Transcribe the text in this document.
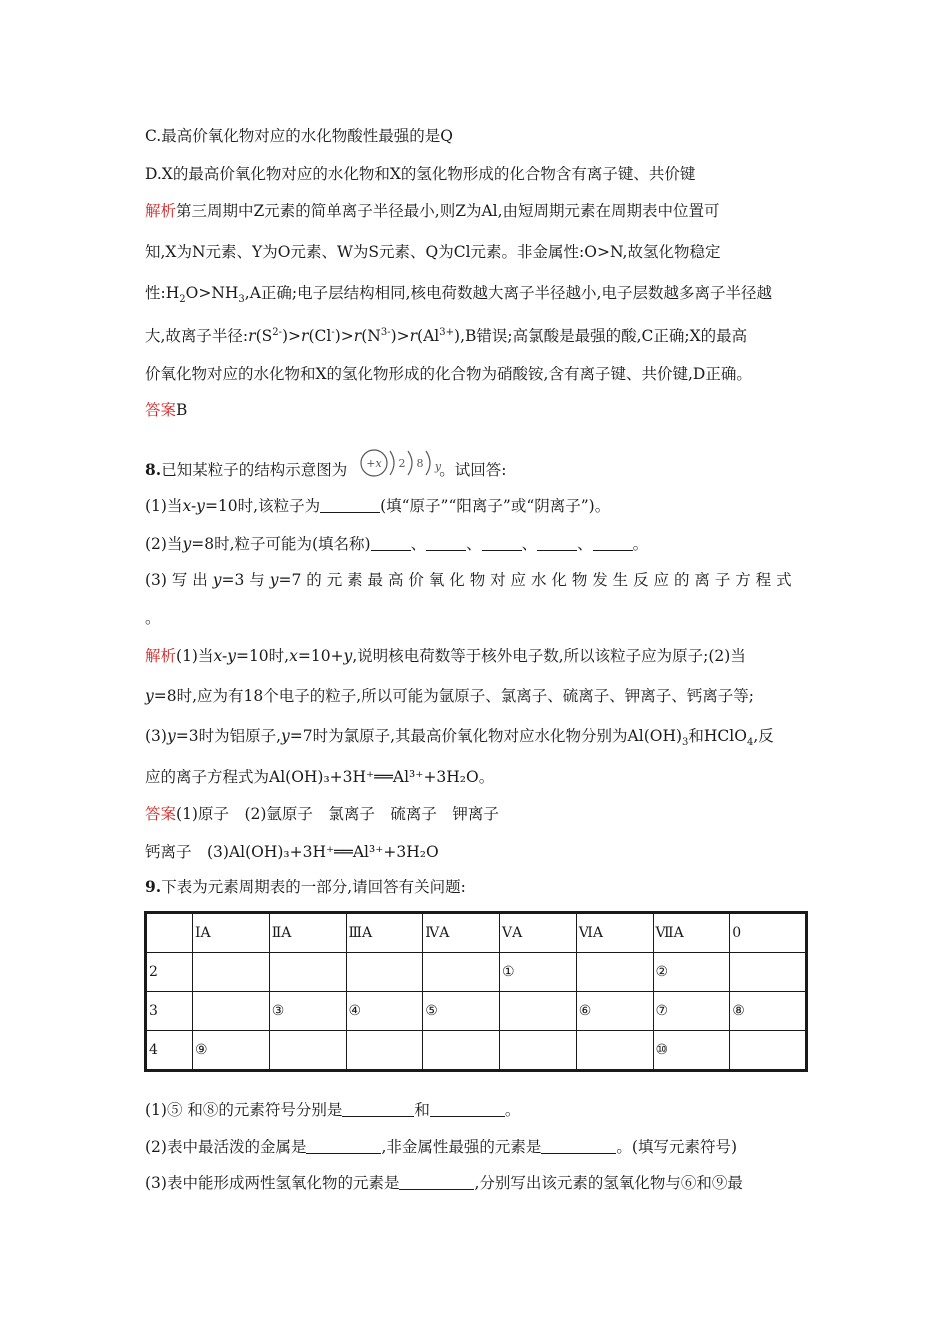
C.最高价氧化物对应的水化物酸性最强的是Q
D.X的最高价氧化物对应的水化物和X的氢化物形成的化合物含有离子键、共价键
解析第三周期中Z元素的简单离子半径最小,则Z为Al,由短周期元素在周期表中位置可
知,X为N元素、Y为O元素、W为S元素、Q为Cl元素。非金属性:O>N,故氢化物稳定
性$:H_2O>NH_3,A$正确;电子层结构相同,核电荷数越大离子半径越小,电子层数越多离子半径越
大,故离子半径$:r(S^{2-})>r(Cl^-)>r(N^{3-})>r(Al^{3+}),B$错误;高氯酸是最强的酸,C正确;X的最高
价氧化物对应的水化物和X的氢化物形成的化合物为硝酸铵,含有离子键、共价键,D正确。
答案B
8.已知某粒子的结构示意图为	。试回答:
+x 2 8 y
(1)当x-y=10时,该粒子为	(填“原子”“阳离子”或“阴离子”)。
(2)当y=8时,粒子可能为(填名称)	、	、	、	、	。
(3) 写 出 y=3 与 y=7 的 元 素 最 高 价 氧 化 物 对 应 水 化 物 发 生 反 应 的 离 子 方 程 式
。
解析(1)当x-y=10时,x=10+y,说明核电荷数等于核外电子数,所以该粒子应为原子;(2)当
y=8时,应为有18个电子的粒子,所以可能为氩原子、氯离子、硫离子、钾离子、钙离子等;
(3)y=3时为铝原子,y=7时为氯原子,其最高价氧化物对应水化物分别为$Al(OH)_3$和HClO$_4$,反
应的离子方程式为Al(OH)₃+3H⁺══Al³⁺+3H₂O。
答案(1)原子　(2)氩原子　氯离子　硫离子　钾离子
钙离子　(3)Al(OH)₃+3H⁺══Al³⁺+3H₂O
9.下表为元素周期表的一部分,请回答有关问题:
	ⅠA	ⅡA	ⅢA	ⅣA	ⅤA	ⅥA	ⅦA	0
2					①		②	
3		③	④	⑤		⑥	⑦	⑧
4	⑨						⑩	
(1)⑤ 和⑧的元素符号分别是	和	。
(2)表中最活泼的金属是	,非金属性最强的元素是	。(填写元素符号)
(3)表中能形成两性氢氧化物的元素是	,分别写出该元素的氢氧化物与⑥和⑨最
